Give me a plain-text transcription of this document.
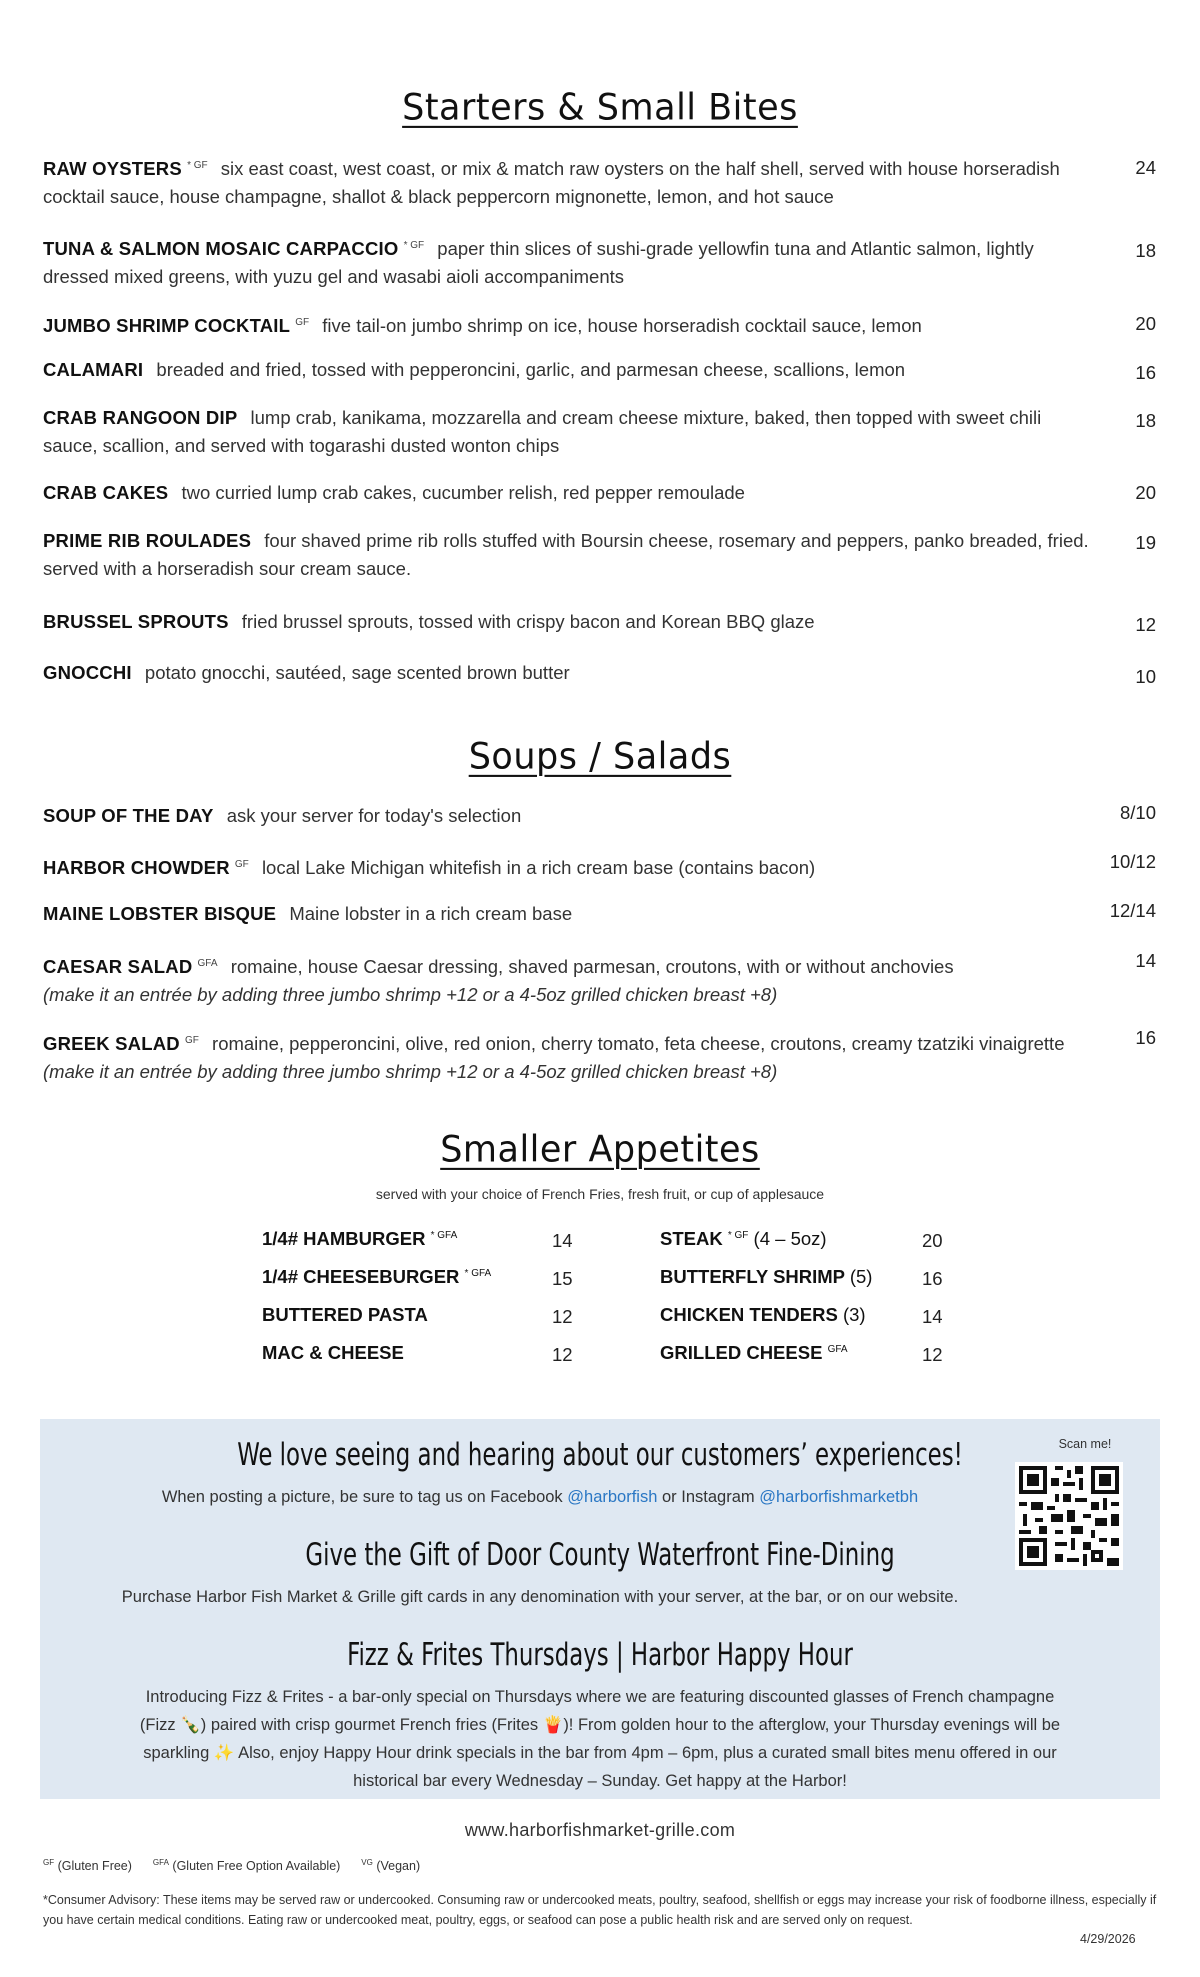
Starters & Small Bites
RAW OYSTERS $^{* GF}$ six east coast, west coast, or mix & match raw oysters on the half shell, served with house horseradish cocktail sauce, house champagne, shallot & black peppercorn mignonette, lemon, and hot sauce
24
TUNA & SALMON MOSAIC CARPACCIO $^{* GF}$ paper thin slices of sushi-grade yellowfin tuna and Atlantic salmon, lightly dressed mixed greens, with yuzu gel and wasabi aioli accompaniments
18
JUMBO SHRIMP COCKTAIL $^{GF}$ five tail-on jumbo shrimp on ice, house horseradish cocktail sauce, lemon	20
CALAMARI breaded and fried, tossed with pepperoncini, garlic, and parmesan cheese, scallions, lemon	16
CRAB RANGOON DIP lump crab, kanikama, mozzarella and cream cheese mixture, baked, then topped with sweet chili sauce, scallion, and served with togarashi dusted wonton chips
18
CRAB CAKES two curried lump crab cakes, cucumber relish, red pepper remoulade	20
PRIME RIB ROULADES four shaved prime rib rolls stuffed with Boursin cheese, rosemary and peppers, panko breaded, fried. served with a horseradish sour cream sauce.
19
BRUSSEL SPROUTS fried brussel sprouts, tossed with crispy bacon and Korean BBQ glaze	12
GNOCCHI potato gnocchi, sautéed, sage scented brown butter	10
Soups / Salads
SOUP OF THE DAY ask your server for today's selection	8/10
HARBOR CHOWDER $^{GF}$ local Lake Michigan whitefish in a rich cream base (contains bacon)	10/12
MAINE LOBSTER BISQUE Maine lobster in a rich cream base	12/14
CAESAR SALAD $^{GFA}$ romaine, house Caesar dressing, shaved parmesan, croutons, with or without anchovies
(make it an entrée by adding three jumbo shrimp +12 or a 4-5oz grilled chicken breast +8)
14
GREEK SALAD $^{GF}$ romaine, pepperoncini, olive, red onion, cherry tomato, feta cheese, croutons, creamy tzatziki vinaigrette (make it an entrée by adding three jumbo shrimp +12 or a 4-5oz grilled chicken breast +8)
16
Smaller Appetites
served with your choice of French Fries, fresh fruit, or cup of applesauce
1/4# HAMBURGER $^{* GFA}$	14
1/4# CHEESEBURGER $^{* GFA}$	15
BUTTERED PASTA	12
MAC & CHEESE	12
STEAK $^{* GF}$ (4 – 5oz)	20
BUTTERFLY SHRIMP (5)	16
CHICKEN TENDERS (3)	14
GRILLED CHEESE $^{GFA}$	12
We love seeing and hearing about our customers’ experiences!
When posting a picture, be sure to tag us on Facebook @harborfish or Instagram @harborfishmarketbh
Give the Gift of Door County Waterfront Fine-Dining
Purchase Harbor Fish Market & Grille gift cards in any denomination with your server, at the bar, or on our website.
Fizz & Frites Thursdays | Harbor Happy Hour
Introducing Fizz & Frites - a bar-only special on Thursdays where we are featuring discounted glasses of French champagne
(Fizz 🍾) paired with crisp gourmet French fries (Frites 🍟)! From golden hour to the afterglow, your Thursday evenings will be
sparkling ✨ Also, enjoy Happy Hour drink specials in the bar from 4pm – 6pm, plus a curated small bites menu offered in our
historical bar every Wednesday – Sunday. Get happy at the Harbor!
Scan me!
www.harborfishmarket-grille.com
$^{GF}$ (Gluten Free)	$^{GFA}$ (Gluten Free Option Available)	$^{VG}$ (Vegan)
*Consumer Advisory: These items may be served raw or undercooked. Consuming raw or undercooked meats, poultry, seafood, shellfish or eggs may increase your risk of foodborne illness, especially if you have certain medical conditions. Eating raw or undercooked meat, poultry, eggs, or seafood can pose a public health risk and are served only on request.
4/29/2026
